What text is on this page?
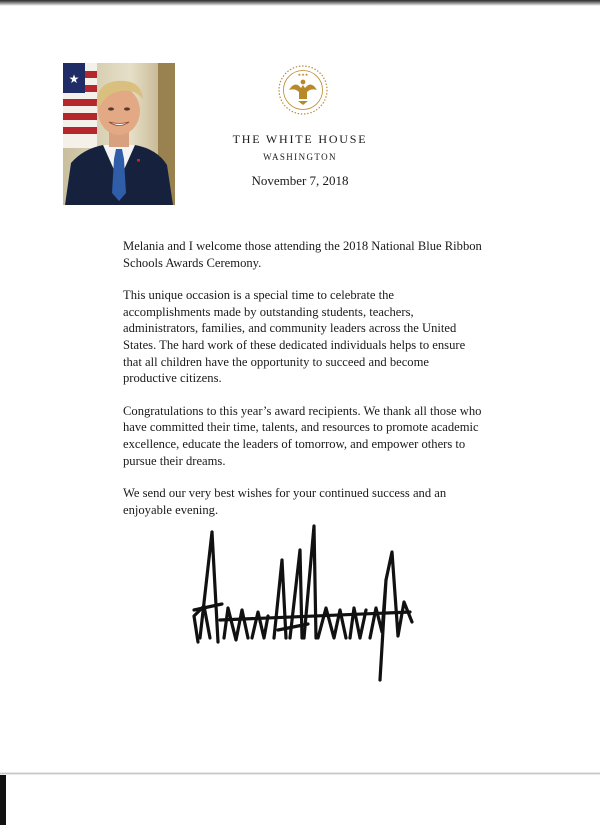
★	★★★
THE WHITE HOUSE
WASHINGTON
November 7, 2018

Melania and I welcome those attending the 2018 National Blue Ribbon Schools Awards Ceremony.

This unique occasion is a special time to celebrate the accomplishments made by outstanding students, teachers, administrators, families, and community leaders across the United States. The hard work of these dedicated individuals helps to ensure that all children have the opportunity to succeed and become productive citizens.

Congratulations to this year’s award recipients. We thank all those who have committed their time, talents, and resources to promote academic excellence, educate the leaders of tomorrow, and empower others to pursue their dreams.

We send our very best wishes for your continued success and an enjoyable evening.
